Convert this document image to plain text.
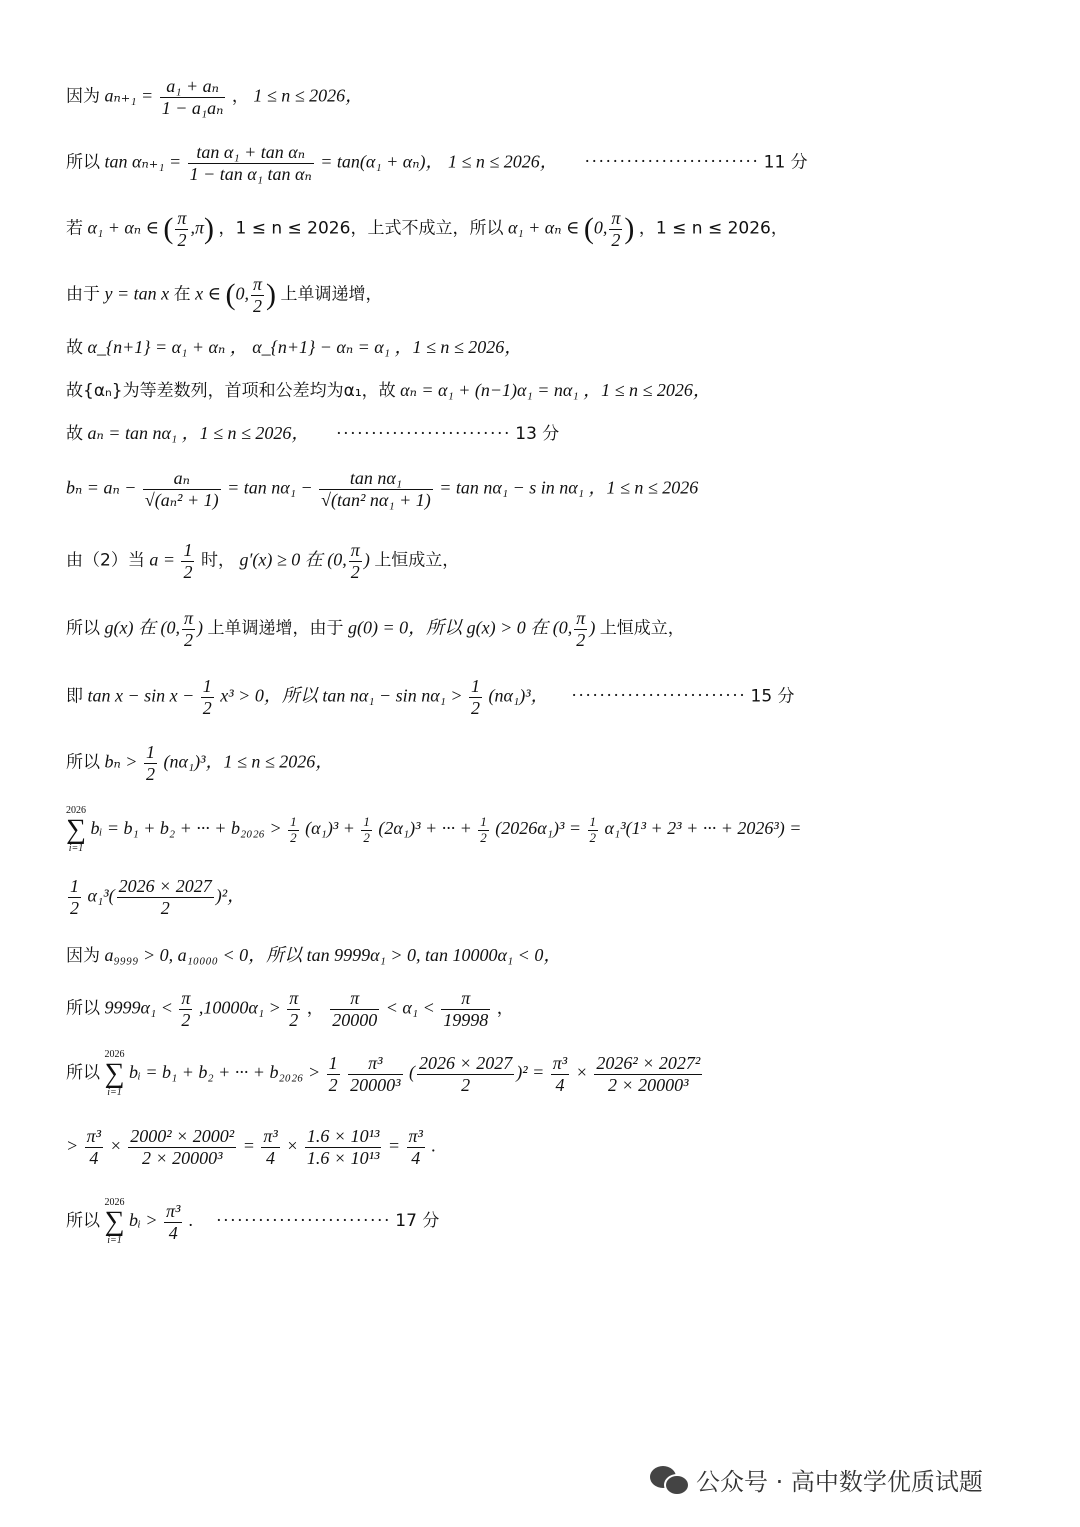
因为 $a_{n+1} = \frac{\text{a₁ + aₙ}}{\text{1 − a₁aₙ}}$ ， 1 ≤ n ≤ 2026，
所以 $\tan \alpha_{n+1} = \frac{\text{tan α₁ + tan αₙ}}{\text{1 − tan α₁ tan αₙ}} = \tan(\alpha_1 + \alpha_n)$， 1 ≤ n ≤ 2026， ························· 11 分
若 α₁ + αₙ ∈ ( $\frac{\pi}{2} ,\pi$) ，1 ≤ n ≤ 2026，上式不成立，所以 α₁ + αₙ ∈ (0, $\frac{\pi}{2}$ ) ，1 ≤ n ≤ 2026，
由于 y = tan x 在 x ∈ (0, $\frac{\pi}{2}$ ) 上单调递增，
故 α_{n+1} = α₁ + αₙ ， α_{n+1} − αₙ = α₁ ，1 ≤ n ≤ 2026，
故{αₙ}为等差数列，首项和公差均为α₁，故 αₙ = α₁ + (n−1)α₁ = nα₁ ，1 ≤ n ≤ 2026，
故 aₙ = tan nα₁ ，1 ≤ n ≤ 2026， ························· 13 分
$b_n = a_n - \frac{\text{aₙ}}{\text{√(aₙ² + 1)}} = \tan n\alpha_1 - \frac{\text{tan nα₁}}{\text{√(tan² nα₁ + 1)}} = \tan n\alpha_1 - s$ in nα₁ ，1 ≤ n ≤ 2026
由（2）当 $a = \frac{1}{2}$ 时， g′(x) ≥ 0 在 (0, $\frac{\pi}{2}$ ) 上恒成立，
所以 g(x) 在 (0, $\frac{\pi}{2}$ ) 上单调递增，由于 g(0) = 0，所以 g(x) > 0 在 (0, $\frac{\pi}{2}$ ) 上恒成立，
即 $\tan x - \sin x - \frac{1}{2} x^3 > 0$，所以 $\tan n\alpha_1 - \sin n\alpha_1 > \frac{1}{2} (n\alpha_1)^3$， ························· 15 分
所以 $b_n > \frac{1}{2} (n\alpha_1)^3$，1 ≤ n ≤ 2026，
2026
∑
i=1
bᵢ = b₁ + b₂ + ··· + $b_{2026} > \frac{1}{2} (\alpha_1)^3 + \frac{1}{2} (2\alpha_1)^3$ + ··· + $\frac{1}{2} (2026\alpha_1)^3 = \frac{1}{2} \alpha_1^3(1^3 + 2^3$ + ··· + 2026³) =
$\frac{1}{2} \alpha_1^3( \frac{2026 \times 2027}{2} )^2$，
因为 a₉₉₉₉ > 0, a₁₀₀₀₀ < 0，所以 tan 9999α₁ > 0, tan 10000α₁ < 0，
所以 $9999\alpha_1 < \frac{\pi}{2} ,10000\alpha_1 > \frac{\pi}{2}$ ， $\frac{\pi}{20000} < \alpha_1 < \frac{\pi}{19998}$ ，
所以
2026
∑
i=1
bᵢ = b₁ + b₂ + ··· + $b_{2026} > \frac{1}{2}$
$\frac{\text{π³}}{\text{20000³}}$ ( $\frac{2026 \times 2027}{2} )^2 = \frac{\text{π³}}{4} \times \frac{\text{2026² × 2027²}}{\text{2 × 20000³}}$
> $\frac{\text{π³}}{4} \times \frac{\text{2000² × 2000²}}{\text{2 × 20000³}} = \frac{\text{π³}}{4} \times \frac{\text{1.6 × 10¹³}}{\text{1.6 × 10¹³}} = \frac{\text{π³}}{4}$ .
所以
2026
∑
i=1
bᵢ > $\frac{\text{π³}}{4}$ . ························· 17 分
公众号 · 高中数学优质试题
